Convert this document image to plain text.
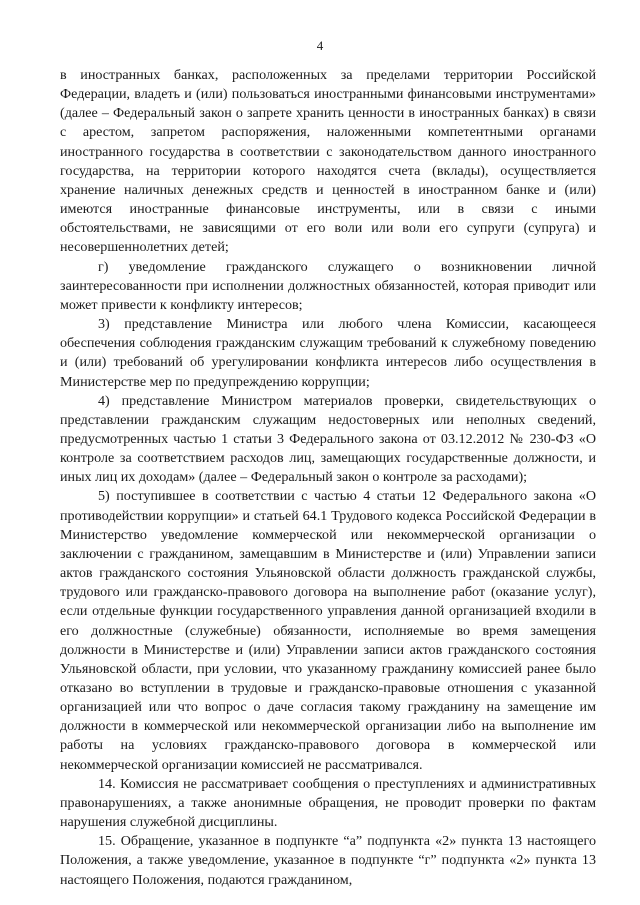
4

в иностранных банках, расположенных за пределами территории Российской Федерации, владеть и (или) пользоваться иностранными финансовыми инструментами» (далее – Федеральный закон о запрете хранить ценности в иностранных банках) в связи с арестом, запретом распоряжения, наложенными компетентными органами иностранного государства в соответствии с законодательством данного иностранного государства, на территории которого находятся счета (вклады), осуществляется хранение наличных денежных средств и ценностей в иностранном банке и (или) имеются иностранные финансовые инструменты, или в связи с иными обстоятельствами, не зависящими от его воли или воли его супруги (супруга) и несовершеннолетних детей;

г) уведомление гражданского служащего о возникновении личной заинтересованности при исполнении должностных обязанностей, которая приводит или может привести к конфликту интересов;

3) представление Министра или любого члена Комиссии, касающееся обеспечения соблюдения гражданским служащим требований к служебному поведению и (или) требований об урегулировании конфликта интересов либо осуществления в Министерстве мер по предупреждению коррупции;

4) представление Министром материалов проверки, свидетельствующих о представлении гражданским служащим недостоверных или неполных сведений, предусмотренных частью 1 статьи 3 Федерального закона от 03.12.2012 № 230-ФЗ «О контроле за соответствием расходов лиц, замещающих государственные должности, и иных лиц их доходам» (далее – Федеральный закон о контроле за расходами);

5) поступившее в соответствии с частью 4 статьи 12 Федерального закона «О противодействии коррупции» и статьей 64.1 Трудового кодекса Российской Федерации в Министерство уведомление коммерческой или некоммерческой организации о заключении с гражданином, замещавшим в Министерстве и (или) Управлении записи актов гражданского состояния Ульяновской области должность гражданской службы, трудового или гражданско-правового договора на выполнение работ (оказание услуг), если отдельные функции государственного управления данной организацией входили в его должностные (служебные) обязанности, исполняемые во время замещения должности в Министерстве и (или) Управлении записи актов гражданского состояния Ульяновской области, при условии, что указанному гражданину комиссией ранее было отказано во вступлении в трудовые и гражданско-правовые отношения с указанной организацией или что вопрос о даче согласия такому гражданину на замещение им должности в коммерческой или некоммерческой организации либо на выполнение им работы на условиях гражданско-правового договора в коммерческой или некоммерческой организации комиссией не рассматривался.

14. Комиссия не рассматривает сообщения о преступлениях и административных правонарушениях, а также анонимные обращения, не проводит проверки по фактам нарушения служебной дисциплины.

15. Обращение, указанное в подпункте “а” подпункта «2» пункта 13 настоящего Положения, а также уведомление, указанное в подпункте “г” подпункта «2» пункта 13 настоящего Положения, подаются гражданином,
